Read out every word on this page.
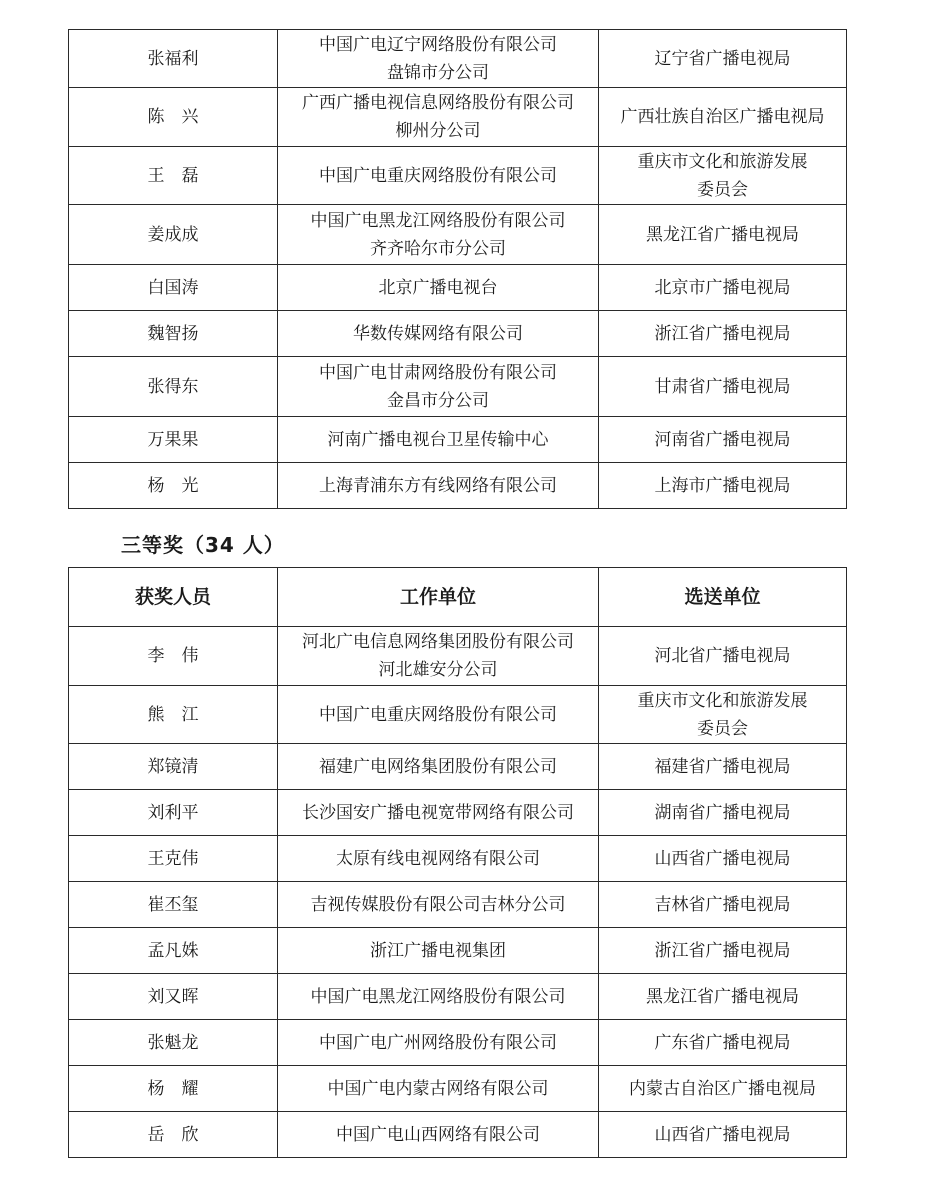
张福利	中国广电辽宁网络股份有限公司
盘锦市分公司	辽宁省广播电视局

陈　兴	广西广播电视信息网络股份有限公司
柳州分公司	广西壮族自治区广播电视局

王　磊	中国广电重庆网络股份有限公司	重庆市文化和旅游发展
委员会

姜成成	中国广电黑龙江网络股份有限公司
齐齐哈尔市分公司	黑龙江省广播电视局

白国涛	北京广播电视台	北京市广播电视局

魏智扬	华数传媒网络有限公司	浙江省广播电视局

张得东	中国广电甘肃网络股份有限公司
金昌市分公司	甘肃省广播电视局

万果果	河南广播电视台卫星传输中心	河南省广播电视局

杨　光	上海青浦东方有线网络有限公司	上海市广播电视局
三等奖（34 人）
获奖人员	工作单位	选送单位
李　伟	河北广电信息网络集团股份有限公司
河北雄安分公司	河北省广播电视局

熊　江	中国广电重庆网络股份有限公司	重庆市文化和旅游发展
委员会

郑镜清	福建广电网络集团股份有限公司	福建省广播电视局

刘利平	长沙国安广播电视宽带网络有限公司	湖南省广播电视局

王克伟	太原有线电视网络有限公司	山西省广播电视局

崔丕玺	吉视传媒股份有限公司吉林分公司	吉林省广播电视局

孟凡姝	浙江广播电视集团	浙江省广播电视局

刘又晖	中国广电黑龙江网络股份有限公司	黑龙江省广播电视局

张魁龙	中国广电广州网络股份有限公司	广东省广播电视局

杨　耀	中国广电内蒙古网络有限公司	内蒙古自治区广播电视局

岳　欣	中国广电山西网络有限公司	山西省广播电视局
